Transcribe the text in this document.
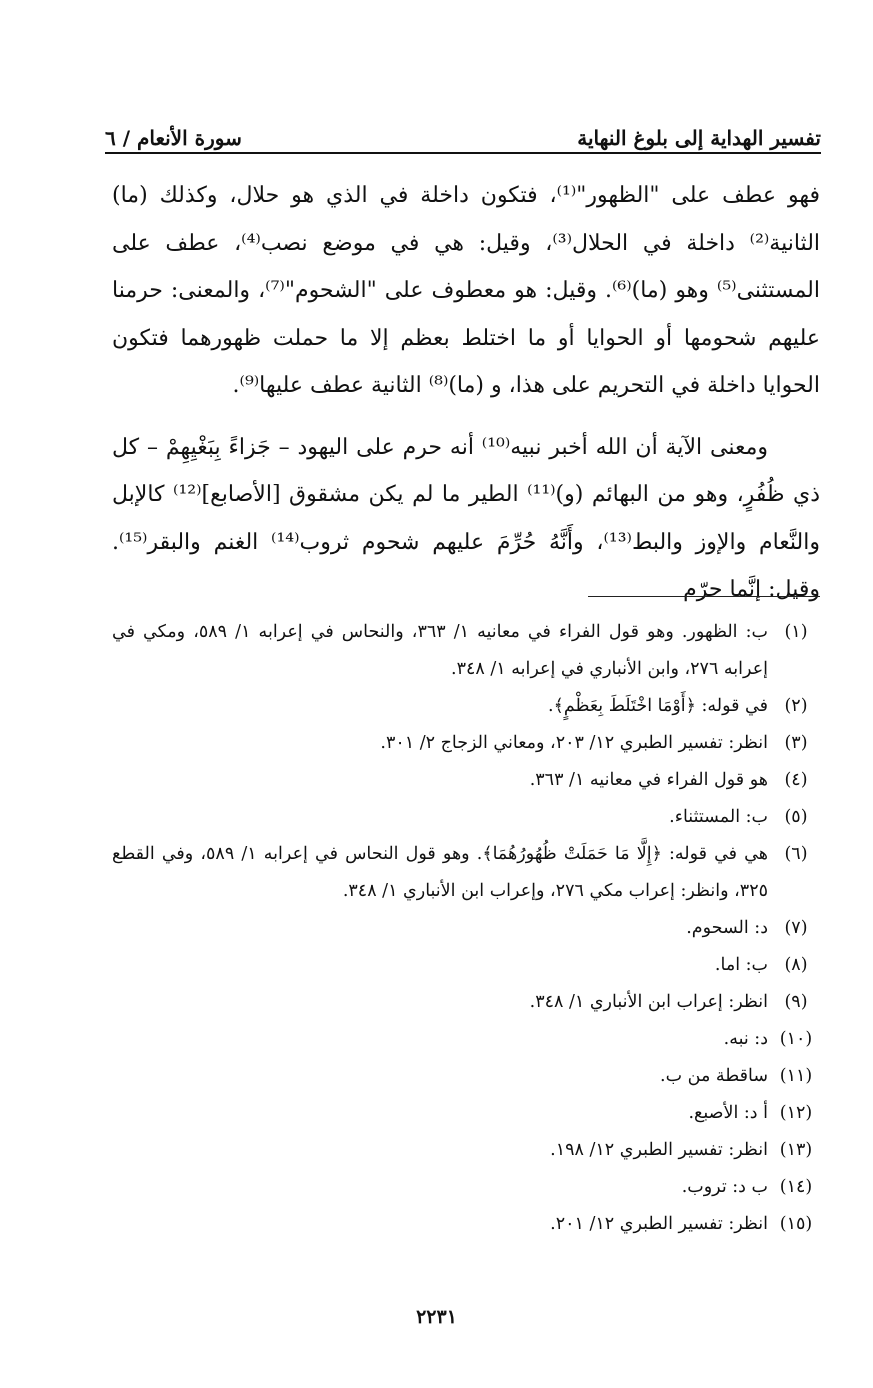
تفسير الهداية إلى بلوغ النهاية
سورة الأنعام / ٦

فهو عطف على "الظهور"⁽¹⁾، فتكون داخلة في الذي هو حلال، وكذلك (ما) الثانية⁽²⁾ داخلة في الحلال⁽³⁾، وقيل: هي في موضع نصب⁽⁴⁾، عطف على المستثنى⁽⁵⁾ وهو (ما)⁽⁶⁾. وقيل: هو معطوف على "الشحوم"⁽⁷⁾، والمعنى: حرمنا عليهم شحومها أو الحوايا أو ما اختلط بعظم إلا ما حملت ظهورهما فتكون الحوايا داخلة في التحريم على هذا، و (ما)⁽⁸⁾ الثانية عطف عليها⁽⁹⁾.

ومعنى الآية أن الله أخبر نبيه⁽¹⁰⁾ أنه حرم على اليهود – جَزاءً بِبَغْيِهِمْ – كل ذي ظُفُرٍ، وهو من البهائم (و)⁽¹¹⁾ الطير ما لم يكن مشقوق [الأصابع]⁽¹²⁾ كالإبل والنَّعام والإوز والبط⁽¹³⁾، وأَنَّهُ حُرِّمَ عليهم شحوم ثروب⁽¹⁴⁾ الغنم والبقر⁽¹⁵⁾. وقيل: إنَّما حرّم

(١)
ب: الظهور. وهو قول الفراء في معانيه ١/ ٣٦٣، والنحاس في إعرابه ١/ ٥٨٩، ومكي في إعرابه ٢٧٦، وابن الأنباري في إعرابه ١/ ٣٤٨.
(٢)
في قوله: ﴿أَوْمَا اخْتَلَطَ بِعَظْمٍ﴾.
(٣)
انظر: تفسير الطبري ١٢/ ٢٠٣، ومعاني الزجاج ٢/ ٣٠١.
(٤)
هو قول الفراء في معانيه ١/ ٣٦٣.
(٥)
ب: المستثناء.
(٦)
هي في قوله: ﴿إِلَّا مَا حَمَلَتْ ظُهُورُهُمَا﴾. وهو قول النحاس في إعرابه ١/ ٥٨٩، وفي القطع ٣٢٥، وانظر: إعراب مكي ٢٧٦، وإعراب ابن الأنباري ١/ ٣٤٨.
(٧)
د: السحوم.
(٨)
ب: اما.
(٩)
انظر: إعراب ابن الأنباري ١/ ٣٤٨.
(١٠)
د: نبه.
(١١)
ساقطة من ب.
(١٢)
أ د: الأصبع.
(١٣)
انظر: تفسير الطبري ١٢/ ١٩٨.
(١٤)
ب د: تروب.
(١٥)
انظر: تفسير الطبري ١٢/ ٢٠١.
٢٢٣١
